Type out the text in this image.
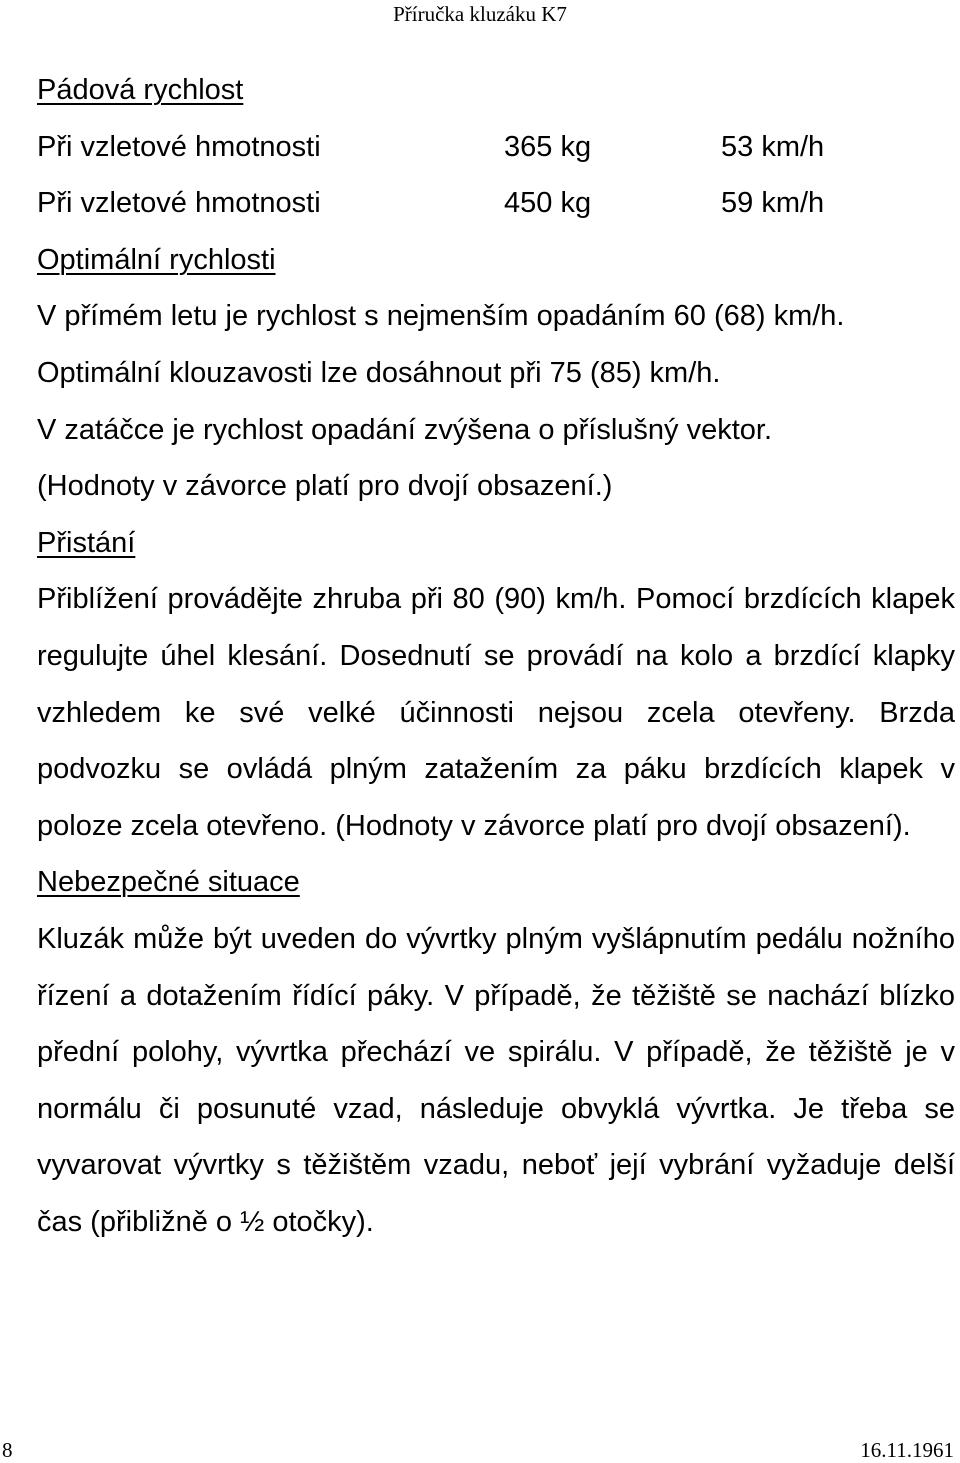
Příručka kluzáku K7
Pádová rychlost
Při vzletové hmotnosti	365 kg	53 km/h
Při vzletové hmotnosti	450 kg	59 km/h
Optimální rychlosti
V přímém letu je rychlost s nejmenším opadáním 60 (68) km/h.
Optimální klouzavosti lze dosáhnout při 75 (85) km/h.
V zatáčce je rychlost opadání zvýšena o příslušný vektor.
(Hodnoty v závorce platí pro dvojí obsazení.)
Přistání

Přiblížení provádějte zhruba při 80 (90) km/h. Pomocí brzdících klapek regulujte úhel klesání. Dosednutí se provádí na kolo a brzdící klapky vzhledem ke své velké účinnosti nejsou zcela otevřeny. Brzda podvozku se ovládá plným zatažením za páku brzdících klapek v poloze zcela otevřeno. (Hodnoty v závorce platí pro dvojí obsazení).

Nebezpečné situace

Kluzák může být uveden do vývrtky plným vyšlápnutím pedálu nožního řízení a dotažením řídící páky. V případě, že těžiště se nachází blízko přední polohy, vývrtka přechází ve spirálu. V případě, že těžiště je v normálu či posunuté vzad, následuje obvyklá vývrtka. Je třeba se vyvarovat vývrtky s těžištěm vzadu, neboť její vybrání vyžaduje delší čas (přibližně o ½ otočky).

8	16.11.1961
